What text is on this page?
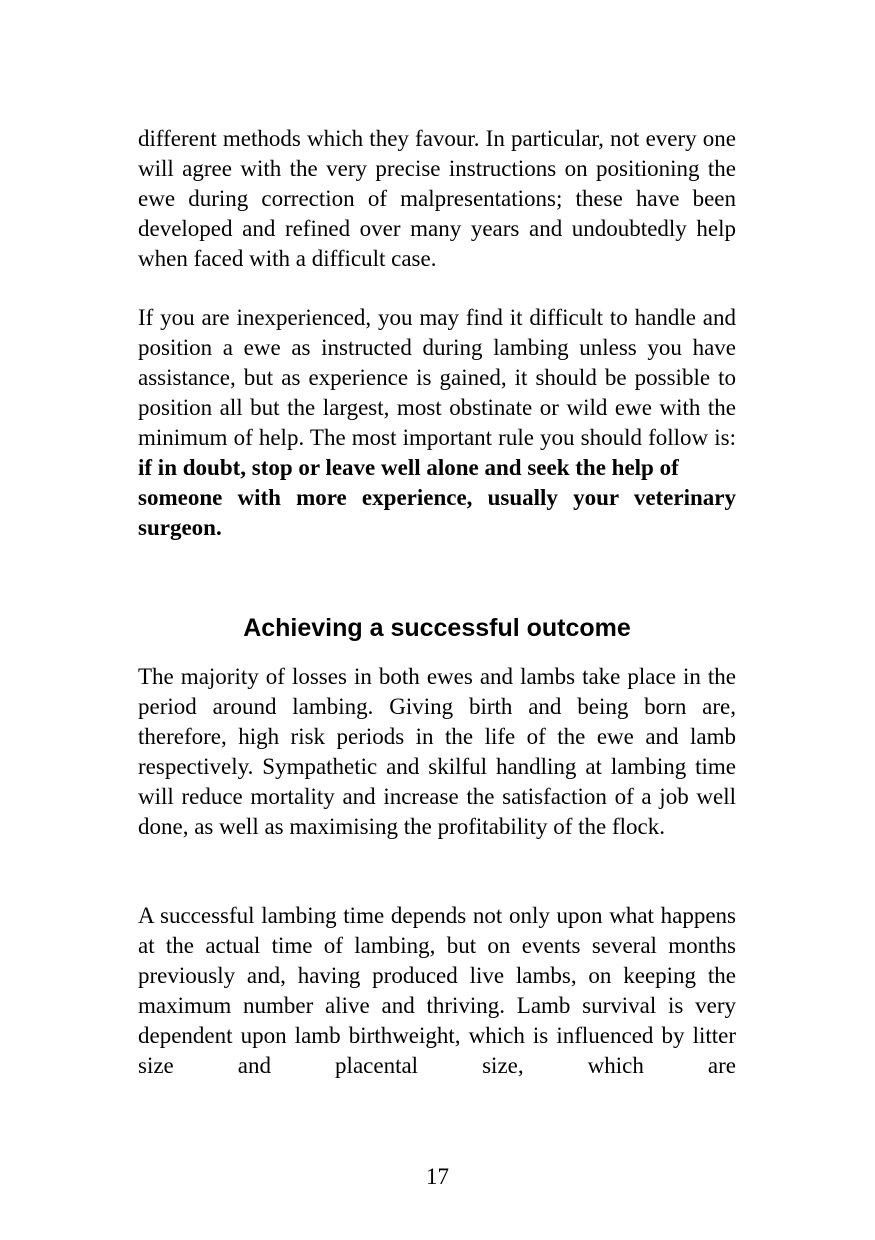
different methods which they favour. In particular, not every one will agree with the very precise instructions on positioning the ewe during correction of malpresentations; these have been developed and refined over many years and undoubtedly help when faced with a difficult case.

If you are inexperienced, you may find it difficult to handle and position a ewe as instructed during lambing unless you have assistance, but as experience is gained, it should be possible to position all but the largest, most obstinate or wild ewe with the minimum of help. The most important rule you should follow is: if in doubt, stop or leave well alone and seek the help of
someone with more experience, usually your veterinary surgeon.
Achieving a successful outcome

The majority of losses in both ewes and lambs take place in the period around lambing. Giving birth and being born are, therefore, high risk periods in the life of the ewe and lamb respectively. Sympathetic and skilful handling at lambing time will reduce mortality and increase the satisfaction of a job well done, as well as maximising the profitability of the flock.

A successful lambing time depends not only upon what happens at the actual time of lambing, but on events several months previously and, having produced live lambs, on keeping the maximum number alive and thriving. Lamb survival is very dependent upon lamb birthweight, which is influenced by litter size and placental size, which are

17
